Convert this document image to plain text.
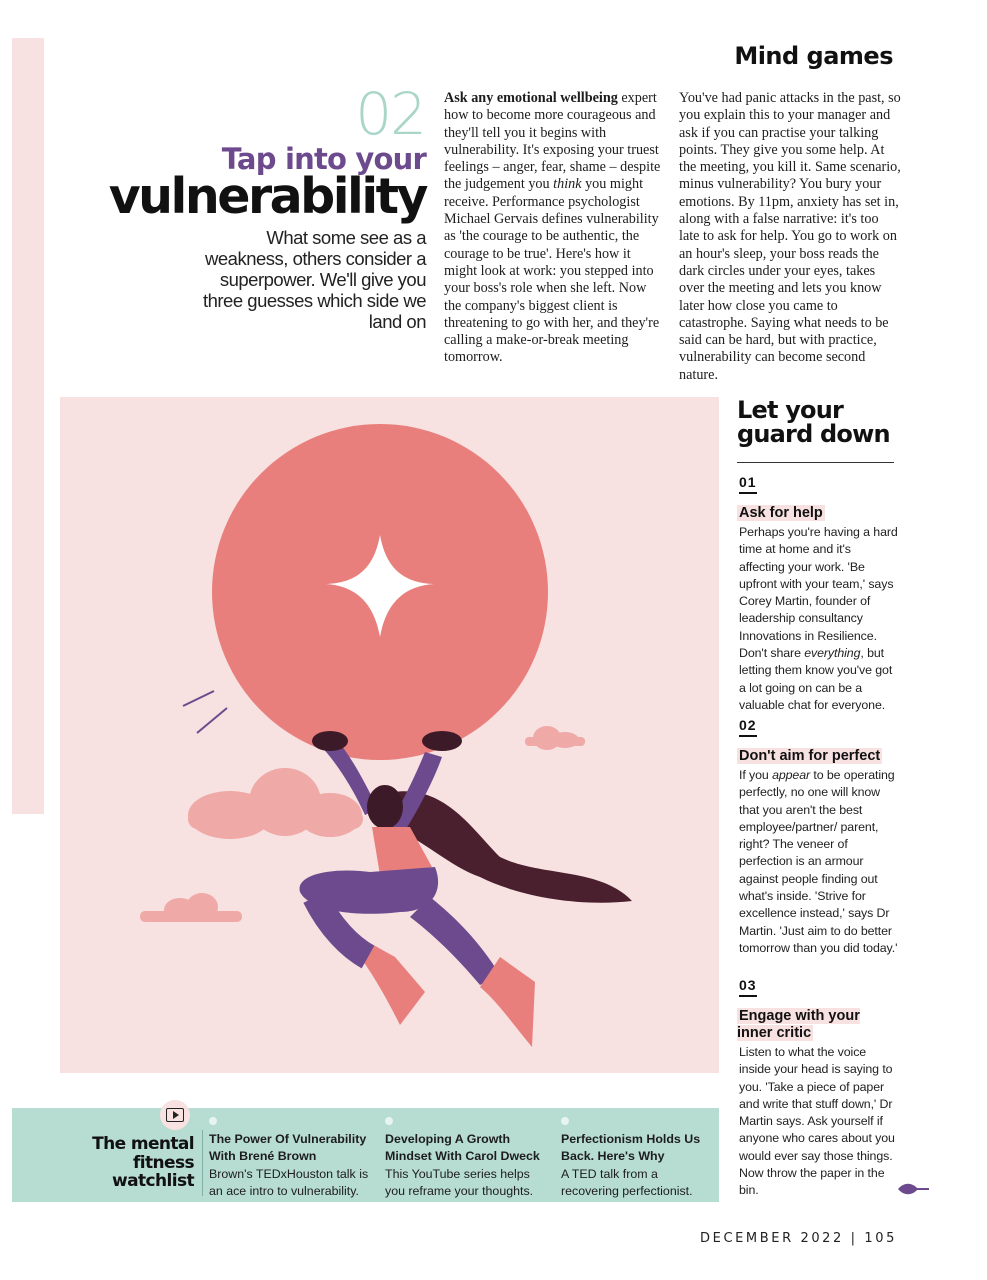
Mind games
02
Tap into your
vulnerability
What some see as a weakness, others consider a superpower. We'll give you three guesses which side we land on

Ask any emotional wellbeing expert how to become more courageous and they'll tell you it begins with vulnerability. It's exposing your truest feelings – anger, fear, shame – despite the judgement you think you might receive. Performance psychologist Michael Gervais defines vulnerability as 'the courage to be authentic, the courage to be true'. Here's how it might look at work: you stepped into your boss's role when she left. Now the company's biggest client is threatening to go with her, and they're calling a make-or-break meeting tomorrow.

You've had panic attacks in the past, so you explain this to your manager and ask if you can practise your talking points. They give you some help. At the meeting, you kill it. Same scenario, minus vulnerability? You bury your emotions. By 11pm, anxiety has set in, along with a false narrative: it's too late to ask for help. You go to work on an hour's sleep, your boss reads the dark circles under your eyes, takes over the meeting and lets you know later how close you came to catastrophe. Saying what needs to be said can be hard, but with practice, vulnerability can become second nature.

Let your
guard down
01
Ask for help
Perhaps you're having a hard time at home and it's affecting your work. 'Be upfront with your team,' says Corey Martin, founder of leadership consultancy Innovations in Resilience. Don't share everything, but letting them know you've got a lot going on can be a valuable chat for everyone.
02
Don't aim for perfect
If you appear to be operating perfectly, no one will know that you aren't the best employee/partner/ parent, right? The veneer of perfection is an armour against people finding out what's inside. 'Strive for excellence instead,' says Dr Martin. 'Just aim to do better tomorrow than you did today.'
03
Engage with your inner critic
Listen to what the voice inside your head is saying to you. 'Take a piece of paper and write that stuff down,' Dr Martin says. Ask yourself if anyone who cares about you would ever say those things. Now throw the paper in the bin.
The mental
fitness
watchlist
The Power Of Vulnerability With Brené Brown
Brown's TEDxHouston talk is an ace intro to vulnerability.
Developing A Growth Mindset With Carol Dweck
This YouTube series helps you reframe your thoughts.
Perfectionism Holds Us Back. Here's Why
A TED talk from a recovering perfectionist.
DECEMBER 2022 | 105
